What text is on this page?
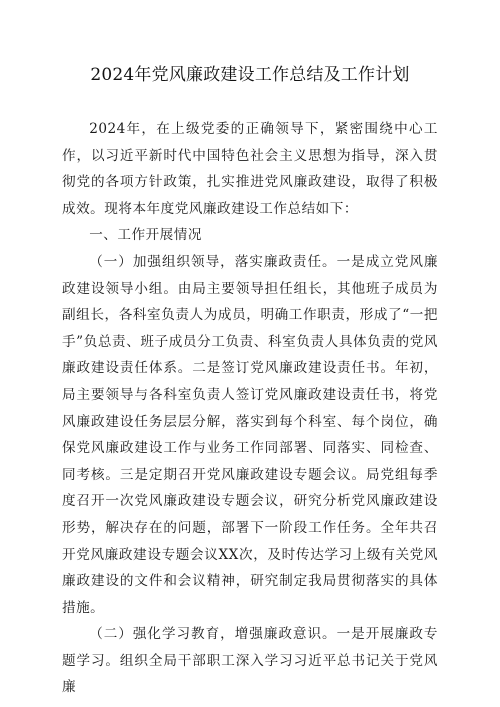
2024年党风廉政建设工作总结及工作计划

2024年，在上级党委的正确领导下，紧密围绕中心工作，以习近平新时代中国特色社会主义思想为指导，深入贯彻党的各项方针政策，扎实推进党风廉政建设，取得了积极成效。现将本年度党风廉政建设工作总结如下：

一、工作开展情况

（一）加强组织领导，落实廉政责任。一是成立党风廉政建设领导小组。由局主要领导担任组长，其他班子成员为副组长，各科室负责人为成员，明确工作职责，形成了“一把手”负总责、班子成员分工负责、科室负责人具体负责的党风廉政建设责任体系。二是签订党风廉政建设责任书。年初，局主要领导与各科室负责人签订党风廉政建设责任书，将党风廉政建设任务层层分解，落实到每个科室、每个岗位，确保党风廉政建设工作与业务工作同部署、同落实、同检查、同考核。三是定期召开党风廉政建设专题会议。局党组每季度召开一次党风廉政建设专题会议，研究分析党风廉政建设形势，解决存在的问题，部署下一阶段工作任务。全年共召开党风廉政建设专题会议XX次，及时传达学习上级有关党风廉政建设的文件和会议精神，研究制定我局贯彻落实的具体措施。

（二）强化学习教育，增强廉政意识。一是开展廉政专题学习。组织全局干部职工深入学习习近平总书记关于党风廉
